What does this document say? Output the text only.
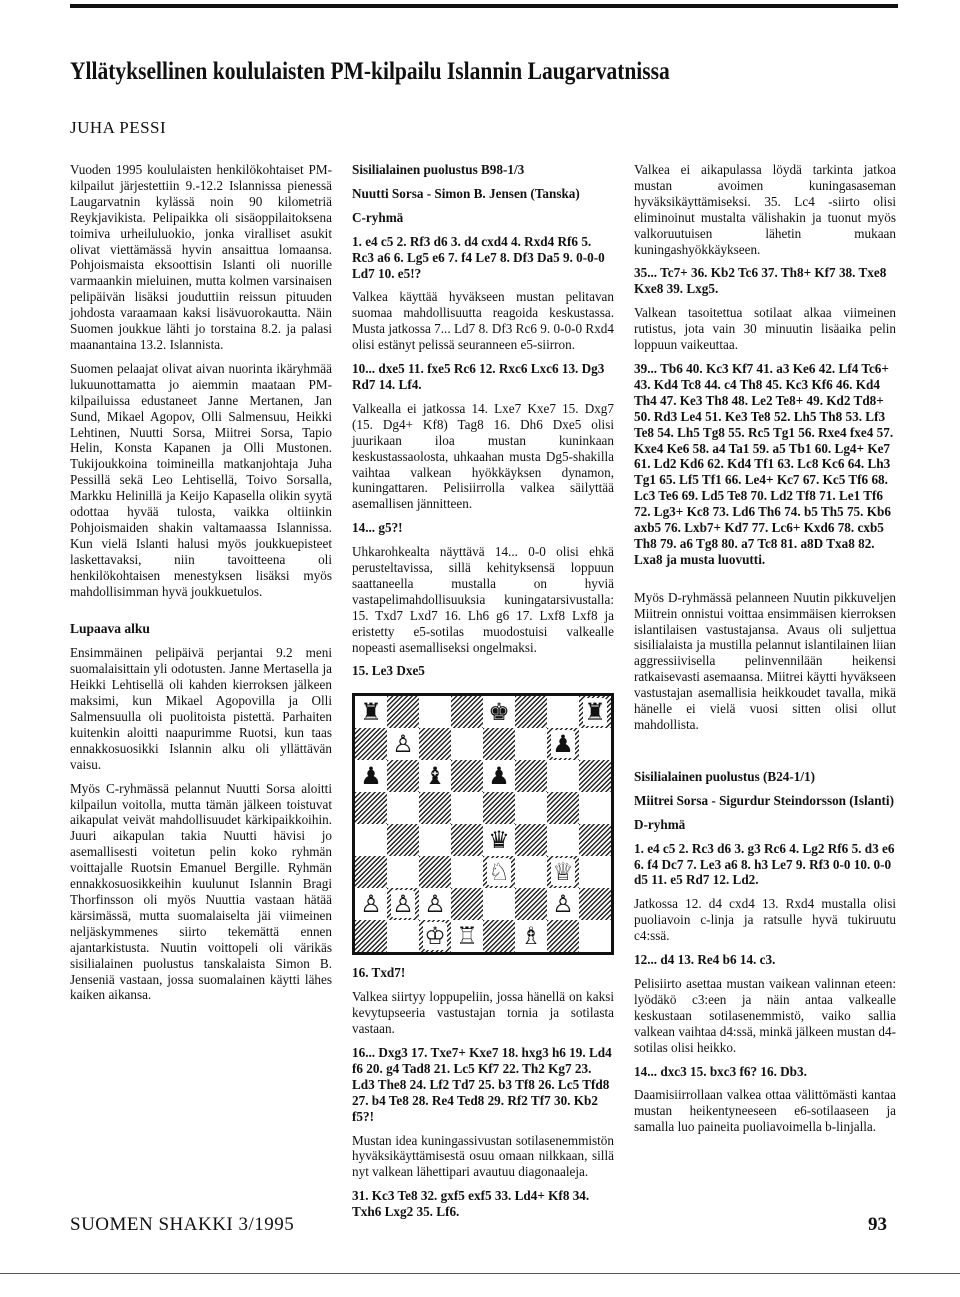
Yllätyksellinen koululaisten PM-kilpailu Islannin Laugarvatnissa
JUHA PESSI

Vuoden 1995 koululaisten henkilökohtaiset PM-kilpailut järjestettiin 9.-12.2 Islannissa pienessä Laugarvatnin kylässä noin 90 kilometriä Reykjavikista. Pelipaikka oli sisäoppilaitoksena toimiva urheiluluokio, jonka viralliset asukit olivat viettämässä hyvin ansaittua lomaansa. Pohjoismaista eksoottisin Islanti oli nuorille varmaankin mieluinen, mutta kolmen varsinaisen pelipäivän lisäksi jouduttiin reissun pituuden johdosta varaamaan kaksi lisävuorokautta. Näin Suomen joukkue lähti jo torstaina 8.2. ja palasi maanantaina 13.2. Islannista.

Suomen pelaajat olivat aivan nuorinta ikäryhmää lukuunottamatta jo aiemmin maataan PM-kilpailuissa edustaneet Janne Mertanen, Jan Sund, Mikael Agopov, Olli Salmensuu, Heikki Lehtinen, Nuutti Sorsa, Miitrei Sorsa, Tapio Helin, Konsta Kapanen ja Olli Mustonen. Tukijoukkoina toimineilla matkanjohtaja Juha Pessillä sekä Leo Lehtisellä, Toivo Sorsalla, Markku Helinillä ja Keijo Kapasella olikin syytä odottaa hyvää tulosta, vaikka oltiinkin Pohjoismaiden shakin valtamaassa Islannissa. Kun vielä Islanti halusi myös joukkuepisteet laskettavaksi, niin tavoitteena oli henkilökohtaisen menestyksen lisäksi myös mahdollisimman hyvä joukkuetulos.

Lupaava alku

Ensimmäinen pelipäivä perjantai 9.2 meni suomalaisittain yli odotusten. Janne Mertasella ja Heikki Lehtisellä oli kahden kierroksen jälkeen maksimi, kun Mikael Agopovilla ja Olli Salmensuulla oli puolitoista pistettä. Parhaiten kuitenkin aloitti naapurimme Ruotsi, kun taas ennakkosuosikki Islannin alku oli yllättävän vaisu.

Myös C-ryhmässä pelannut Nuutti Sorsa aloitti kilpailun voitolla, mutta tämän jälkeen toistuvat aikapulat veivät mahdollisuudet kärkipaikkoihin. Juuri aikapulan takia Nuutti hävisi jo asemallisesti voitetun pelin koko ryhmän voittajalle Ruotsin Emanuel Bergille. Ryhmän ennakkosuosikkeihin kuulunut Islannin Bragi Thorfinsson oli myös Nuuttia vastaan hätää kärsimässä, mutta suomalaiselta jäi viimeinen neljäskymmenes siirto tekemättä ennen ajantarkistusta. Nuutin voittopeli oli värikäs sisilialainen puolustus tanskalaista Simon B. Jenseniä vastaan, jossa suomalainen käytti lähes kaiken aikansa.

Sisilialainen puolustus B98-1/3

Nuutti Sorsa - Simon B. Jensen (Tanska)

C-ryhmä

1. e4 c5 2. Rf3 d6 3. d4 cxd4 4. Rxd4 Rf6 5. Rc3 a6 6. Lg5 e6 7. f4 Le7 8. Df3 Da5 9. 0-0-0 Ld7 10. e5!?

Valkea käyttää hyväkseen mustan pelitavan suomaa mahdollisuutta reagoida keskustassa. Musta jatkossa 7... Ld7 8. Df3 Rc6 9. 0-0-0 Rxd4 olisi estänyt pelissä seuranneen e5-siirron.

10... dxe5 11. fxe5 Rc6 12. Rxc6 Lxc6 13. Dg3 Rd7 14. Lf4.

Valkealla ei jatkossa 14. Lxe7 Kxe7 15. Dxg7 (15. Dg4+ Kf8) Tag8 16. Dh6 Dxe5 olisi juurikaan iloa mustan kuninkaan keskustassaolosta, uhkaahan musta Dg5-shakilla vaihtaa valkean hyökkäyksen dynamon, kuningattaren. Pelisiirrolla valkea säilyttää asemallisen jännitteen.

14... g5?!

Uhkarohkealta näyttävä 14... 0-0 olisi ehkä perusteltavissa, sillä kehityksensä loppuun saattaneella mustalla on hyviä vastapelimahdollisuuksia kuningatarsivustalla: 15. Txd7 Lxd7 16. Lh6 g6 17. Lxf8 Lxf8 ja eristetty e5-sotilas muodostuisi valkealle nopeasti asemalliseksi ongelmaksi.

15. Le3 Dxe5

♜	♚	♜
♙	♟
♟ ♝ ♟
♛
♘ ♕
♙ ♙ ♙	♙
♔ ♖ ♗

16. Txd7!

Valkea siirtyy loppupeliin, jossa hänellä on kaksi kevytupseeria vastustajan tornia ja sotilasta vastaan.

16... Dxg3 17. Txe7+ Kxe7 18. hxg3 h6 19. Ld4 f6 20. g4 Tad8 21. Lc5 Kf7 22. Th2 Kg7 23. Ld3 The8 24. Lf2 Td7 25. b3 Tf8 26. Lc5 Tfd8 27. b4 Te8 28. Re4 Ted8 29. Rf2 Tf7 30. Kb2 f5?!

Mustan idea kuningassivustan sotilasenemmistön hyväksikäyttämisestä osuu omaan nilkkaan, sillä nyt valkean lähettipari avautuu diagonaaleja.

31. Kc3 Te8 32. gxf5 exf5 33. Ld4+ Kf8 34. Txh6 Lxg2 35. Lf6.

Valkea ei aikapulassa löydä tarkinta jatkoa mustan avoimen kuningasaseman hyväksikäyttämiseksi. 35. Lc4 -siirto olisi eliminoinut mustalta välishakin ja tuonut myös valkoruutuisen lähetin mukaan kuningashyökkäykseen.

35... Tc7+ 36. Kb2 Tc6 37. Th8+ Kf7 38. Txe8 Kxe8 39. Lxg5.

Valkean tasoitettua sotilaat alkaa viimeinen rutistus, jota vain 30 minuutin lisäaika pelin loppuun vaikeuttaa.

39... Tb6 40. Kc3 Kf7 41. a3 Ke6 42. Lf4 Tc6+ 43. Kd4 Tc8 44. c4 Th8 45. Kc3 Kf6 46. Kd4 Th4 47. Ke3 Th8 48. Le2 Te8+ 49. Kd2 Td8+ 50. Rd3 Le4 51. Ke3 Te8 52. Lh5 Th8 53. Lf3 Te8 54. Lh5 Tg8 55. Rc5 Tg1 56. Rxe4 fxe4 57. Kxe4 Ke6 58. a4 Ta1 59. a5 Tb1 60. Lg4+ Ke7 61. Ld2 Kd6 62. Kd4 Tf1 63. Lc8 Kc6 64. Lh3 Tg1 65. Lf5 Tf1 66. Le4+ Kc7 67. Kc5 Tf6 68. Lc3 Te6 69. Ld5 Te8 70. Ld2 Tf8 71. Le1 Tf6 72. Lg3+ Kc8 73. Ld6 Th6 74. b5 Th5 75. Kb6 axb5 76. Lxb7+ Kd7 77. Lc6+ Kxd6 78. cxb5 Th8 79. a6 Tg8 80. a7 Tc8 81. a8D Txa8 82. Lxa8 ja musta luovutti.

Myös D-ryhmässä pelanneen Nuutin pikkuveljen Miitrein onnistui voittaa ensimmäisen kierroksen islantilaisen vastustajansa. Avaus oli suljettua sisilialaista ja mustilla pelannut islantilainen liian aggressiivisella pelinvennilään heikensi ratkaisevasti asemaansa. Miitrei käytti hyväkseen vastustajan asemallisia heikkoudet tavalla, mikä hänelle ei vielä vuosi sitten olisi ollut mahdollista.

Sisilialainen puolustus (B24-1/1)

Miitrei Sorsa - Sigurdur Steindorsson (Islanti)

D-ryhmä

1. e4 c5 2. Rc3 d6 3. g3 Rc6 4. Lg2 Rf6 5. d3 e6 6. f4 Dc7 7. Le3 a6 8. h3 Le7 9. Rf3 0-0 10. 0-0 d5 11. e5 Rd7 12. Ld2.

Jatkossa 12. d4 cxd4 13. Rxd4 mustalla olisi puoliavoin c-linja ja ratsulle hyvä tukiruutu c4:ssä.

12... d4 13. Re4 b6 14. c3.

Pelisiirto asettaa mustan vaikean valinnan eteen: lyödäkö c3:een ja näin antaa valkealle keskustaan sotilasenemmistö, vaiko sallia valkean vaihtaa d4:ssä, minkä jälkeen mustan d4-sotilas olisi heikko.

14... dxc3 15. bxc3 f6? 16. Db3.

Daamisiirrollaan valkea ottaa välittömästi kantaa mustan heikentyneeseen e6-sotilaaseen ja samalla luo paineita puoliavoimella b-linjalla.

SUOMEN SHAKKI 3/1995	93
